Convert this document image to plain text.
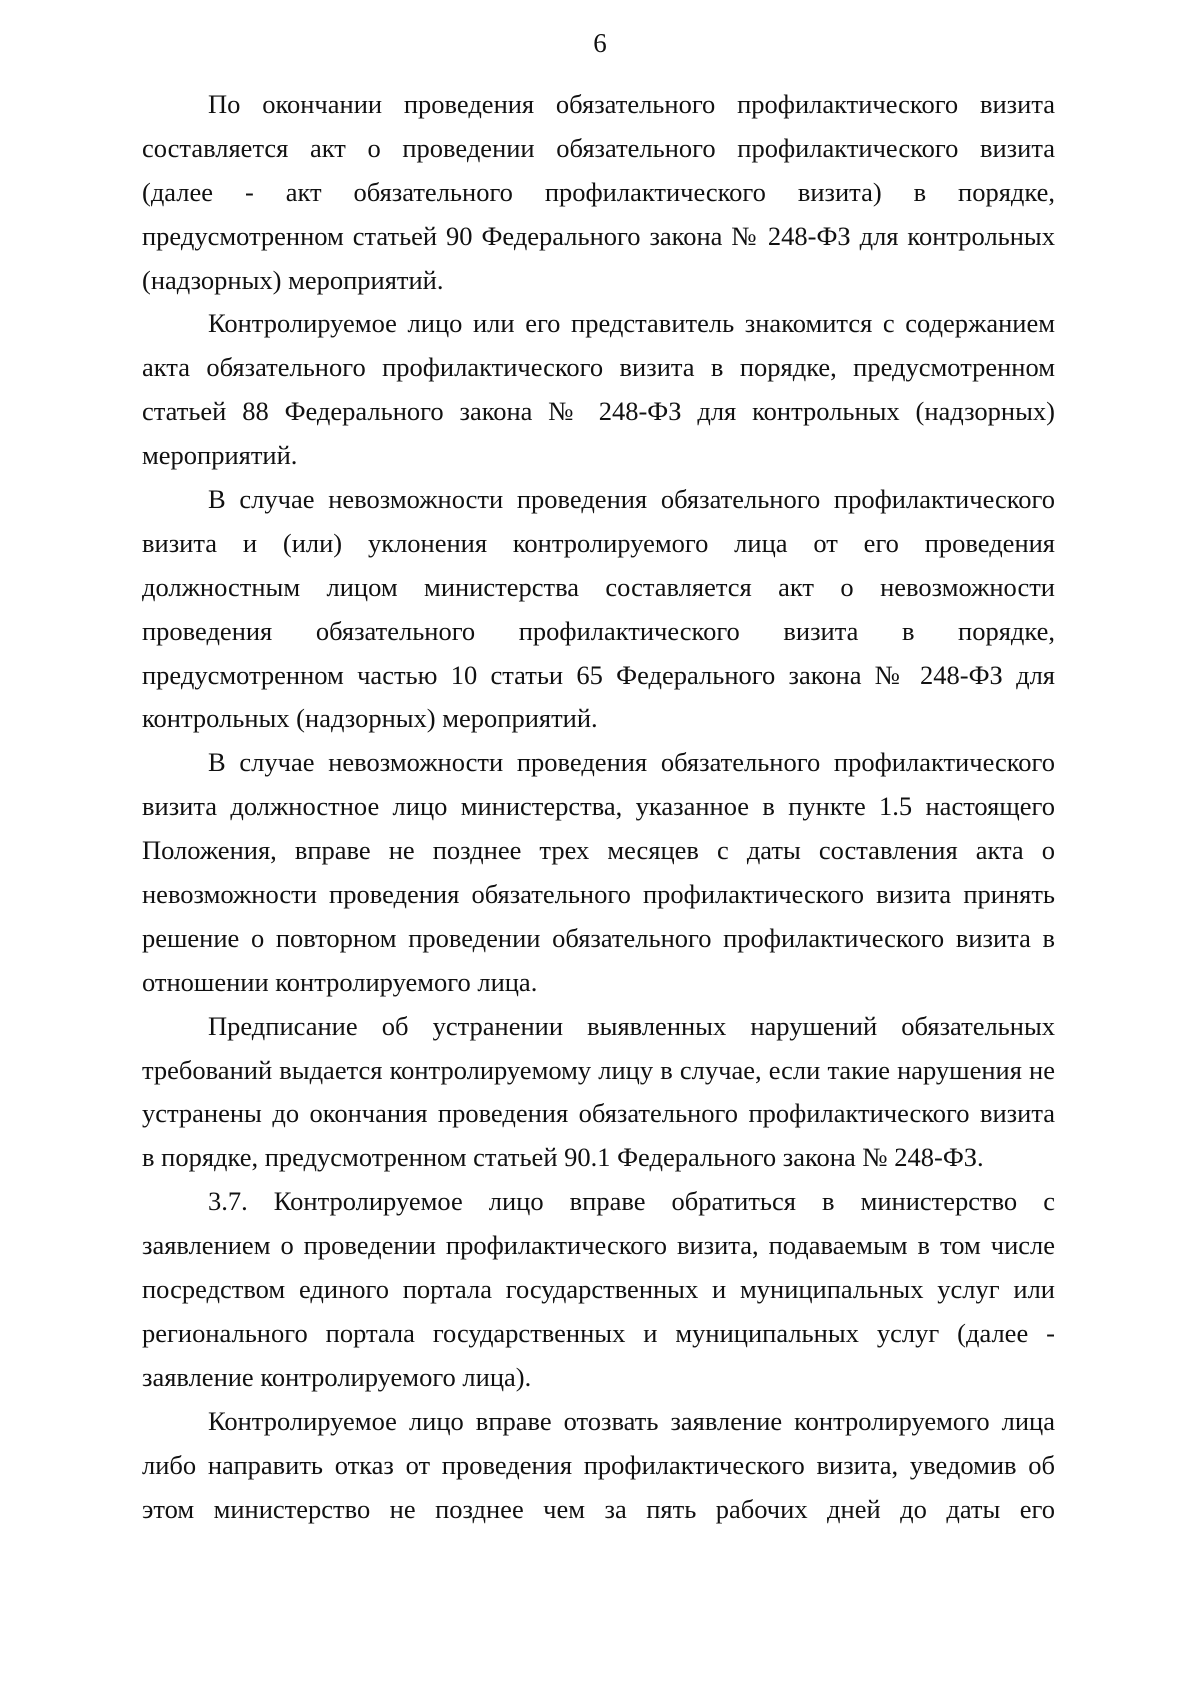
6
По окончании проведения обязательного профилактического визита
составляется акт о проведении обязательного профилактического визита
(далее - акт обязательного профилактического визита) в порядке,
предусмотренном статьей 90 Федерального закона № 248-ФЗ для контрольных
(надзорных) мероприятий.
Контролируемое лицо или его представитель знакомится с содержанием
акта обязательного профилактического визита в порядке, предусмотренном
статьей 88 Федерального закона № 248-ФЗ для контрольных (надзорных)
мероприятий.
В случае невозможности проведения обязательного профилактического
визита и (или) уклонения контролируемого лица от его проведения
должностным лицом министерства составляется акт о невозможности
проведения обязательного профилактического визита в порядке,
предусмотренном частью 10 статьи 65 Федерального закона № 248-ФЗ для
контрольных (надзорных) мероприятий.
В случае невозможности проведения обязательного профилактического
визита должностное лицо министерства, указанное в пункте 1.5 настоящего
Положения, вправе не позднее трех месяцев с даты составления акта о
невозможности проведения обязательного профилактического визита принять
решение о повторном проведении обязательного профилактического визита в
отношении контролируемого лица.
Предписание об устранении выявленных нарушений обязательных
требований выдается контролируемому лицу в случае, если такие нарушения не
устранены до окончания проведения обязательного профилактического визита
в порядке, предусмотренном статьей 90.1 Федерального закона № 248-ФЗ.
3.7. Контролируемое лицо вправе обратиться в министерство с
заявлением о проведении профилактического визита, подаваемым в том числе
посредством единого портала государственных и муниципальных услуг или
регионального портала государственных и муниципальных услуг (далее -
заявление контролируемого лица).
Контролируемое лицо вправе отозвать заявление контролируемого лица
либо направить отказ от проведения профилактического визита, уведомив об
этом министерство не позднее чем за пять рабочих дней до даты его
